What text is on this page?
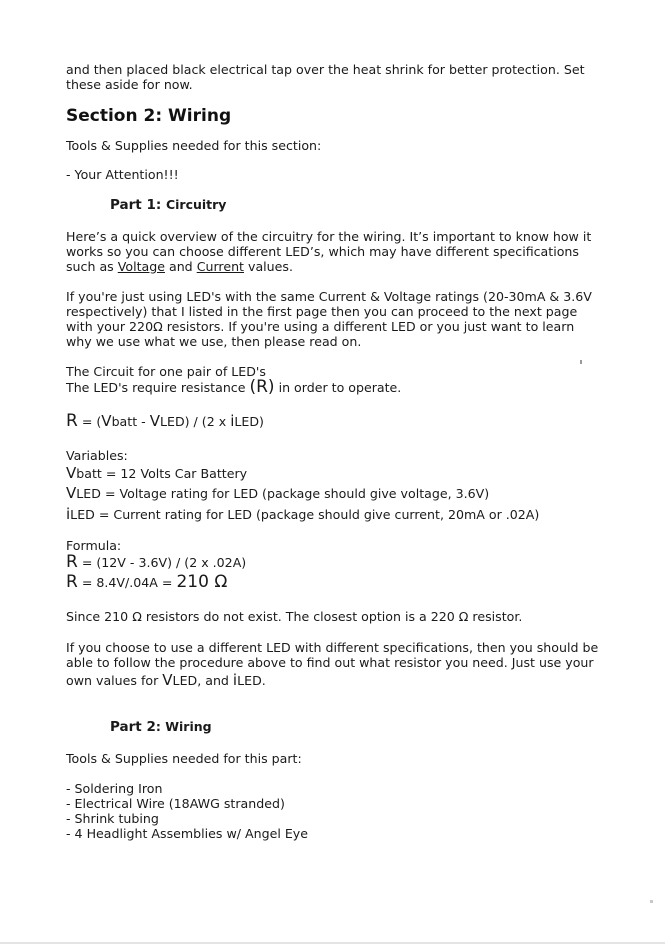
and then placed black electrical tap over the heat shrink for better protection. Set

these aside for now.

Section 2: Wiring

Tools & Supplies needed for this section:

- Your Attention!!!

Part 1: Circuitry

Here’s a quick overview of the circuitry for the wiring. It’s important to know how it

works so you can choose different LED’s, which may have different specifications

such as Voltage and Current values.

If you're just using LED's with the same Current & Voltage ratings (20-30mA & 3.6V

respectively) that I listed in the first page then you can proceed to the next page

with your 220Ω resistors. If you're using a different LED or you just want to learn

why we use what we use, then please read on.

The Circuit for one pair of LED's

The LED's require resistance (R) in order to operate.

R = (Vbatt - VLED) / (2 x iLED)

Variables:

Vbatt = 12 Volts Car Battery

VLED = Voltage rating for LED (package should give voltage, 3.6V)

iLED = Current rating for LED (package should give current, 20mA or .02A)

Formula:

R = (12V - 3.6V) / (2 x .02A)

R = 8.4V/.04A = 210 Ω

Since 210 Ω resistors do not exist. The closest option is a 220 Ω resistor.

If you choose to use a different LED with different specifications, then you should be

able to follow the procedure above to find out what resistor you need. Just use your

own values for VLED, and iLED.

Part 2: Wiring

Tools & Supplies needed for this part:

- Soldering Iron

- Electrical Wire (18AWG stranded)

- Shrink tubing

- 4 Headlight Assemblies w/ Angel Eye
